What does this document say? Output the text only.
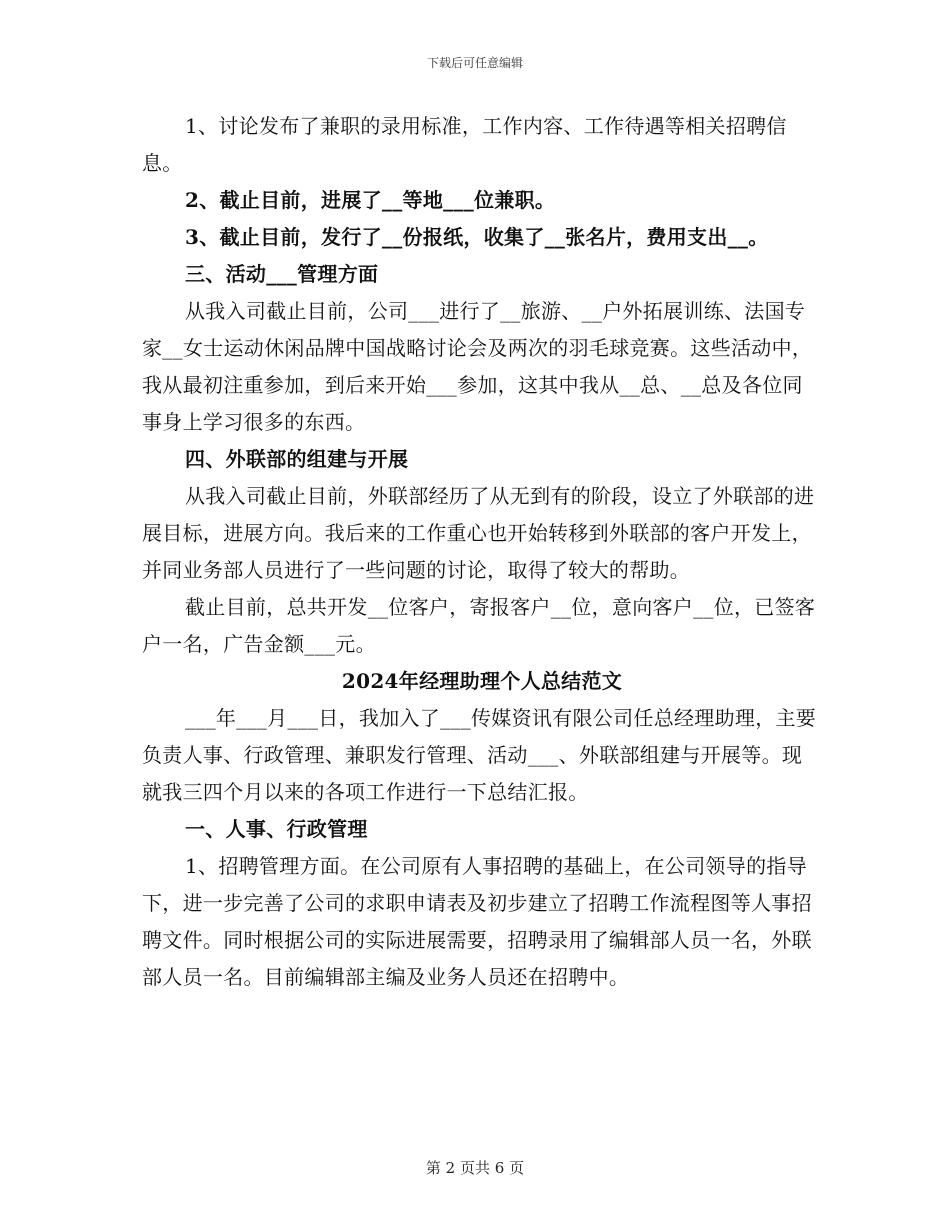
下载后可任意编辑

1、讨论发布了兼职的录用标准，工作内容、工作待遇等相关招聘信息。

2、截止目前，进展了__等地___位兼职。

3、截止目前，发行了__份报纸，收集了__张名片，费用支出__。

三、活动___管理方面

从我入司截止目前，公司___进行了__旅游、__户外拓展训练、法国专家__女士运动休闲品牌中国战略讨论会及两次的羽毛球竞赛。这些活动中，我从最初注重参加，到后来开始___参加，这其中我从__总、__总及各位同事身上学习很多的东西。

四、外联部的组建与开展

从我入司截止目前，外联部经历了从无到有的阶段，设立了外联部的进展目标，进展方向。我后来的工作重心也开始转移到外联部的客户开发上，并同业务部人员进行了一些问题的讨论，取得了较大的帮助。

截止目前，总共开发__位客户，寄报客户__位，意向客户__位，已签客户一名，广告金额___元。

2024年经理助理个人总结范文

___年___月___日，我加入了___传媒资讯有限公司任总经理助理，主要负责人事、行政管理、兼职发行管理、活动___、外联部组建与开展等。现就我三四个月以来的各项工作进行一下总结汇报。

一、人事、行政管理

1、招聘管理方面。在公司原有人事招聘的基础上，在公司领导的指导下，进一步完善了公司的求职申请表及初步建立了招聘工作流程图等人事招聘文件。同时根据公司的实际进展需要，招聘录用了编辑部人员一名，外联部人员一名。目前编辑部主编及业务人员还在招聘中。

第 2 页共 6 页
